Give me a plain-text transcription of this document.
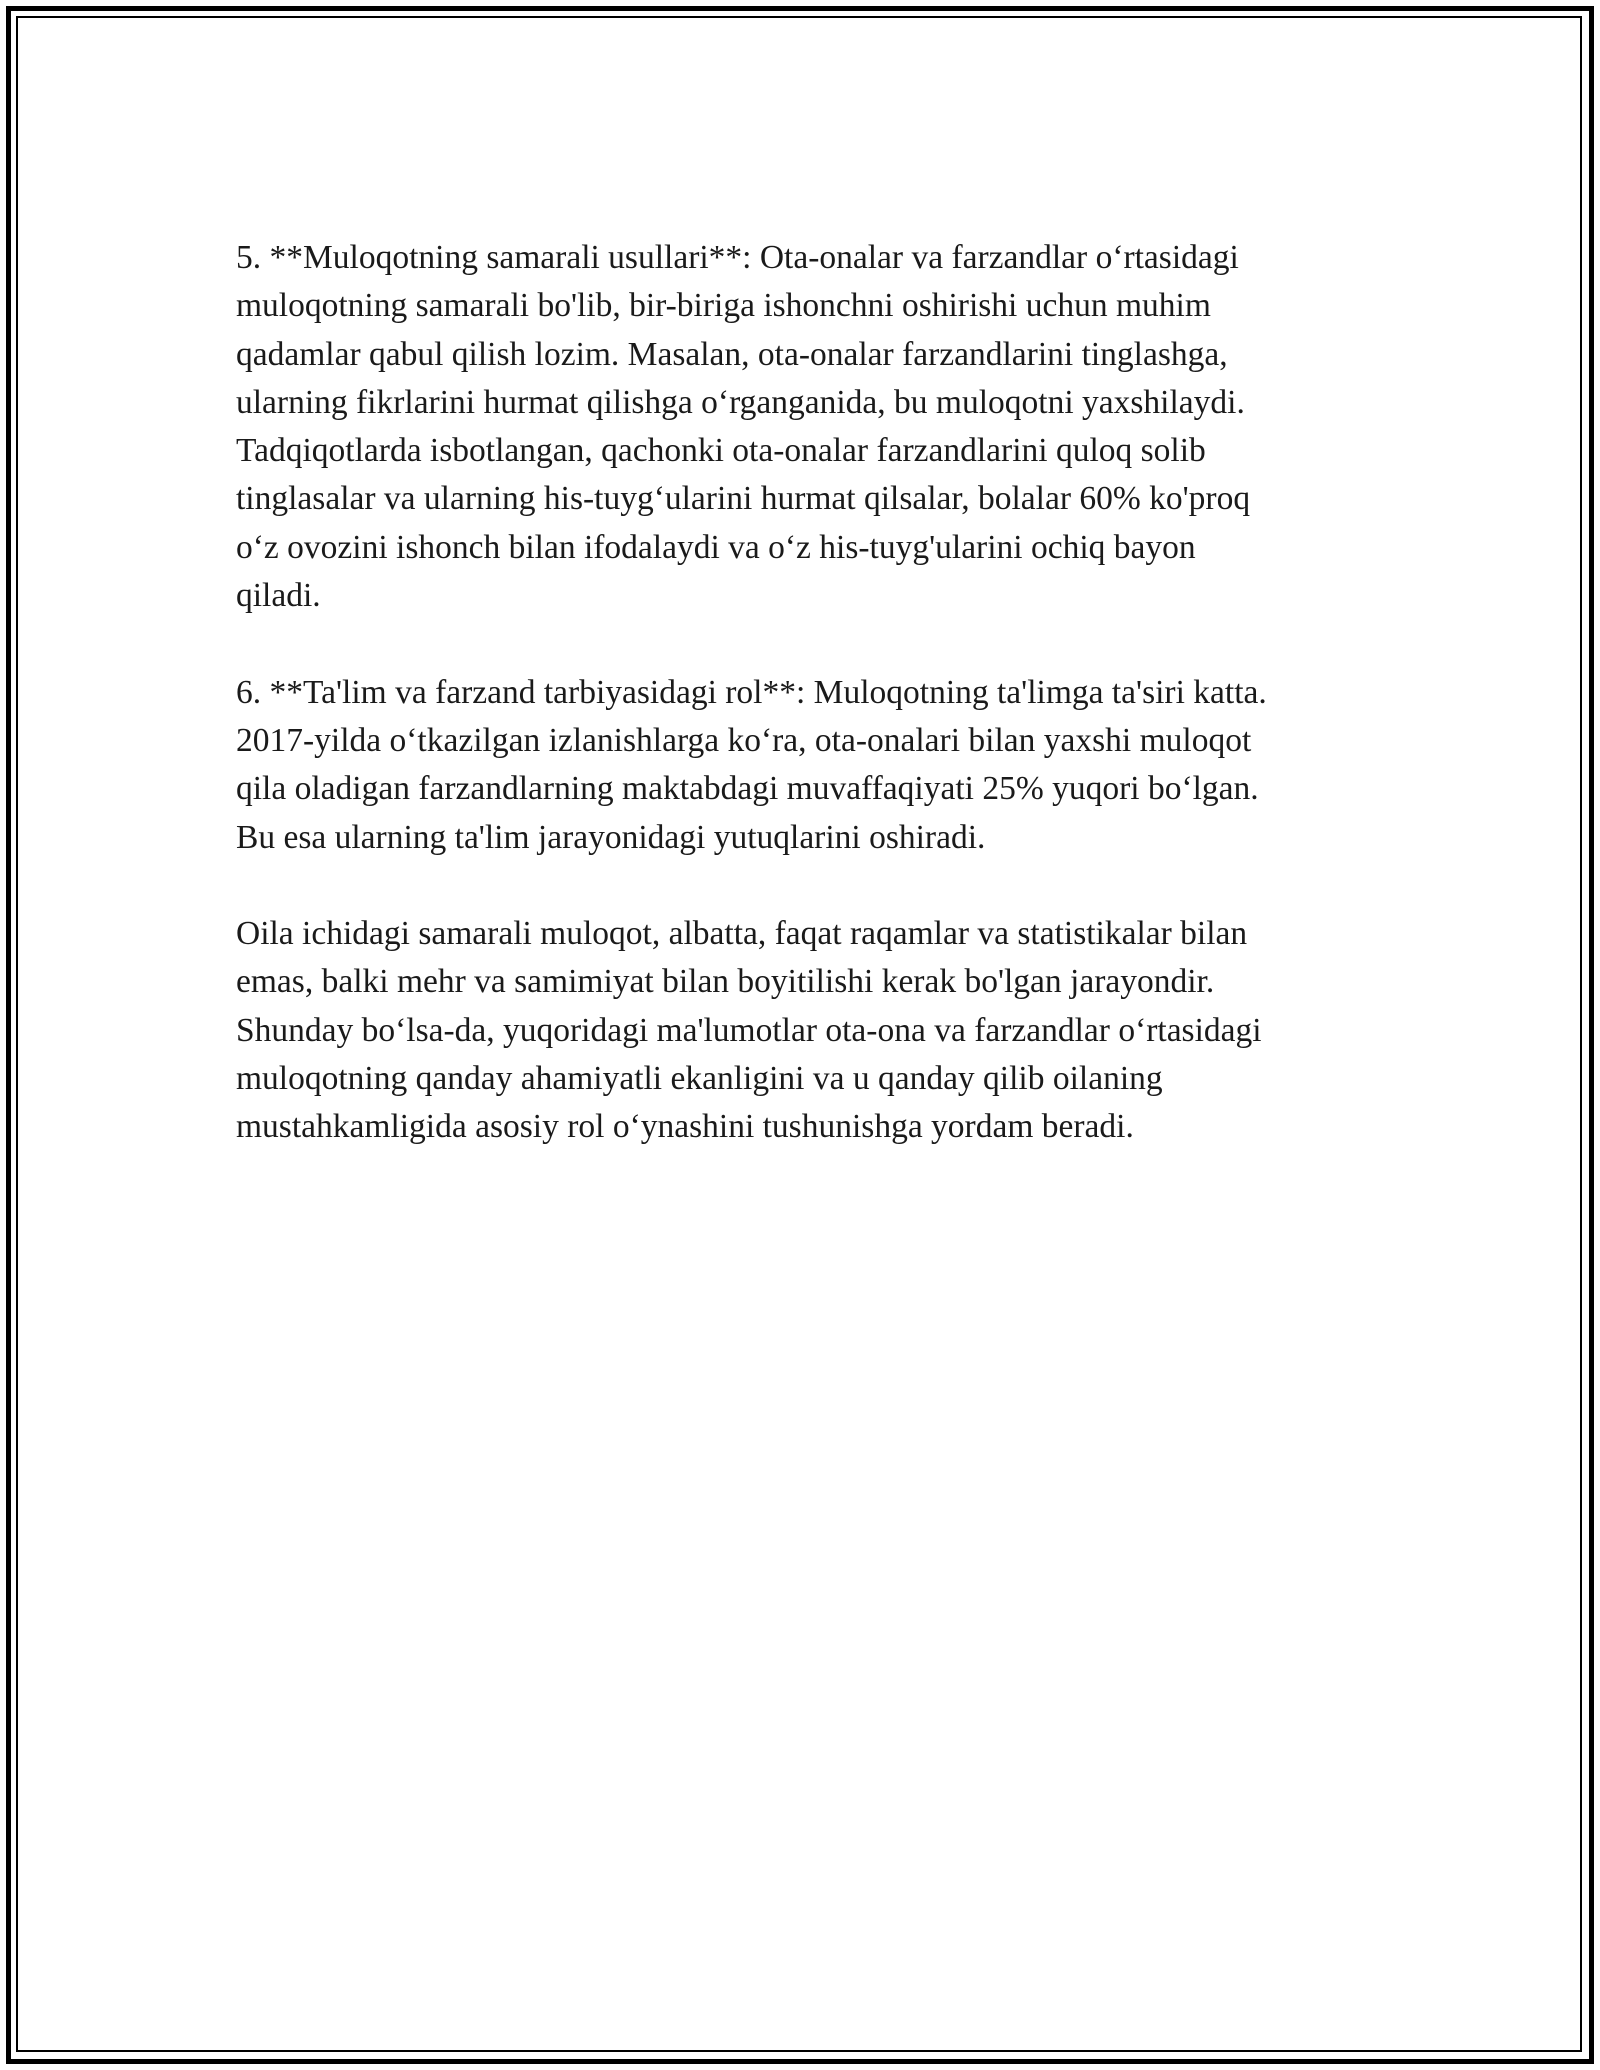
5. **Muloqotning samarali usullari**: Ota-onalar va farzandlar o‘rtasidagi
muloqotning samarali bo'lib, bir-biriga ishonchni oshirishi uchun muhim
qadamlar qabul qilish lozim. Masalan, ota-onalar farzandlarini tinglashga,
ularning fikrlarini hurmat qilishga o‘rganganida, bu muloqotni yaxshilaydi.
Tadqiqotlarda isbotlangan, qachonki ota-onalar farzandlarini quloq solib
tinglasalar va ularning his-tuyg‘ularini hurmat qilsalar, bolalar 60% ko'proq
o‘z ovozini ishonch bilan ifodalaydi va o‘z his-tuyg'ularini ochiq bayon
qiladi.

6. **Ta'lim va farzand tarbiyasidagi rol**: Muloqotning ta'limga ta'siri katta.
2017-yilda o‘tkazilgan izlanishlarga ko‘ra, ota-onalari bilan yaxshi muloqot
qila oladigan farzandlarning maktabdagi muvaffaqiyati 25% yuqori bo‘lgan.
Bu esa ularning ta'lim jarayonidagi yutuqlarini oshiradi.

Oila ichidagi samarali muloqot, albatta, faqat raqamlar va statistikalar bilan
emas, balki mehr va samimiyat bilan boyitilishi kerak bo'lgan jarayondir.
Shunday bo‘lsa-da, yuqoridagi ma'lumotlar ota-ona va farzandlar o‘rtasidagi
muloqotning qanday ahamiyatli ekanligini va u qanday qilib oilaning
mustahkamligida asosiy rol o‘ynashini tushunishga yordam beradi.
